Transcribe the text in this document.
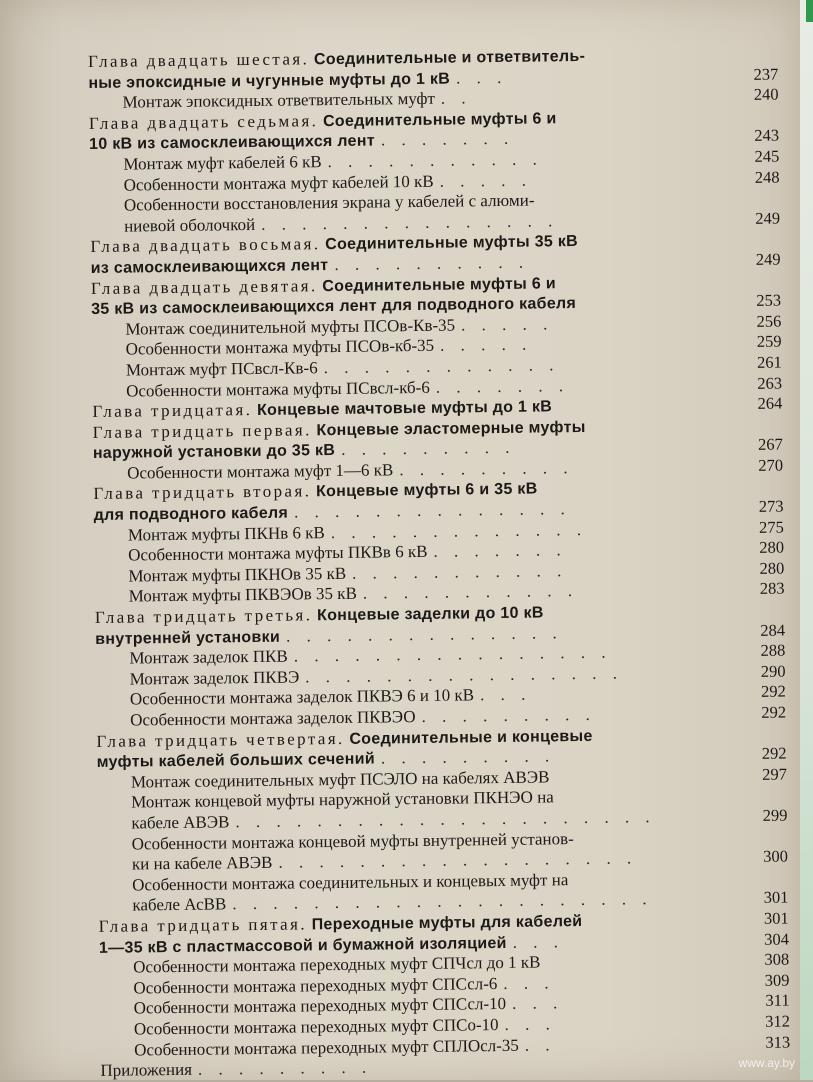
Глава двадцать шестая. Соединительные и ответвитель-
ные эпоксидные и чугунные муфты до 1 кВ . . .	237
Монтаж эпоксидных ответвительных муфт . .	240
Глава двадцать седьмая. Соединительные муфты 6 и
10 кВ из самосклеивающихся лент . . . . . . .	243
Монтаж муфт кабелей 6 кВ . . . . . . . . . . .	245
Особенности монтажа муфт кабелей 10 кВ . . . . .	248
Особенности восстановления экрана у кабелей с алюми-
ниевой оболочкой . . . . . . . . . . . . . . .	249
Глава двадцать восьмая. Соединительные муфты 35 кВ
из самосклеивающихся лент . . . . . . . . . .	249
Глава двадцать девятая. Соединительные муфты 6 и
35 кВ из самосклеивающихся лент для подводного кабеля	253
Монтаж соединительной муфты ПСОв-Кв-35 . . . . .	256
Особенности монтажа муфты ПСОв-кб-35 . . . . .	259
Монтаж муфт ПСвсл-Кв-6 . . . . . . . . . . . .	261
Особенности монтажа муфты ПСвсл-кб-6 . . . . . . .	263
Глава тридцатая. Концевые мачтовые муфты до 1 кВ	264
Глава тридцать первая. Концевые эластомерные муфты
наружной установки до 35 кВ . . . . . . . . .	267
Особенности монтажа муфт 1—6 кВ . . . . . . . . .	270
Глава тридцать вторая. Концевые муфты 6 и 35 кВ
для подводного кабеля . . . . . . . . . . . . . .	273
Монтаж муфты ПКНв 6 кВ . . . . . . . . . . . . .	275
Особенности монтажа муфты ПКВв 6 кВ . . . . . . .	280
Монтаж муфты ПКНОв 35 кВ . . . . . . . . . . .	280
Монтаж муфты ПКВЭОв 35 кВ . . . . . . . . . . .	283
Глава тридцать третья. Концевые заделки до 10 кВ
внутренней установки . . . . . . . . . . . . . .	284
Монтаж заделок ПКВ . . . . . . . . . . . . . . . .	288
Монтаж заделок ПКВЭ . . . . . . . . . . . . . . . .	290
Особенности монтажа заделок ПКВЭ 6 и 10 кВ . . .	292
Особенности монтажа заделок ПКВЭО . . . . . . . . .	292
Глава тридцать четвертая. Соединительные и концевые
муфты кабелей больших сечений . . . . . . . . .	292
Монтаж соединительных муфт ПСЭЛО на кабелях АВЭВ	297
Монтаж концевой муфты наружной установки ПКНЭО на
кабеле АВЭВ . . . . . . . . . . . . . . . . . . . . .	299
Особенности монтажа концевой муфты внутренней установ-
ки на кабеле АВЭВ . . . . . . . . . . . . . . . . . .	300
Особенности монтажа соединительных и концевых муфт на
кабеле АсВВ . . . . . . . . . . . . . . . . . . . . .	301
Глава тридцать пятая. Переходные муфты для кабелей	301
1—35 кВ с пластмассовой и бумажной изоляцией . . .	304
Особенности монтажа переходных муфт СПЧсл до 1 кВ	308
Особенности монтажа переходных муфт СПСсл-6 . . .	309
Особенности монтажа переходных муфт СПСсл-10 . . .	311
Особенности монтажа переходных муфт СПСо-10 . . .	312
Особенности монтажа переходных муфт СПЛОсл-35 . .	313
Приложения . . . . . . . . .	www.ay.by
